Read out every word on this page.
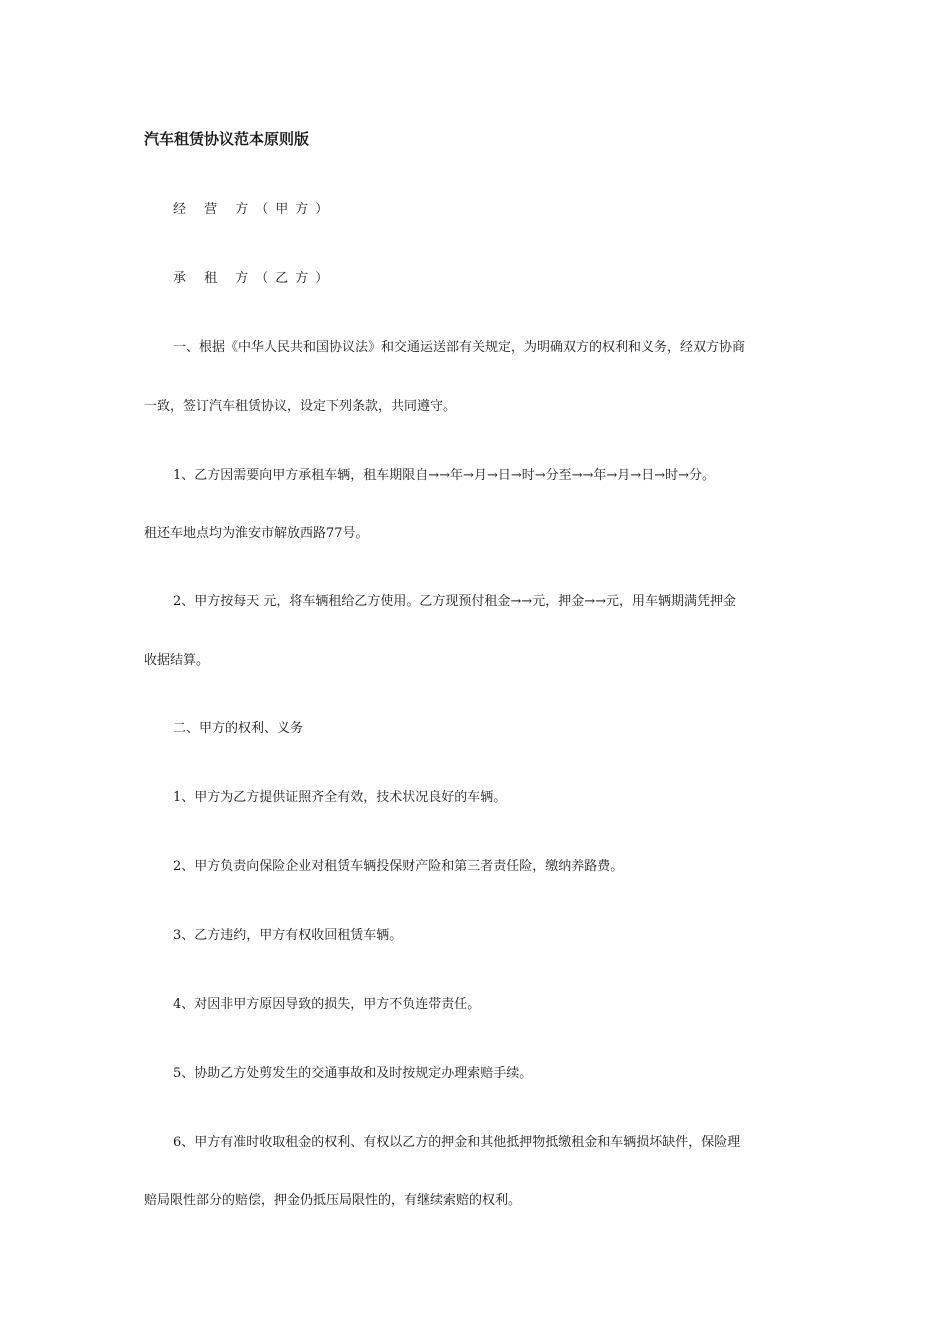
汽车租赁协议范本原则版
经 营 方（甲方）
承 租 方（乙方）
一、根据《中华人民共和国协议法》和交通运送部有关规定，为明确双方的权利和义务，经双方协商
一致，签订汽车租赁协议，设定下列条款，共同遵守。
1、乙方因需要向甲方承租车辆，租车期限自→→年→月→日→时→分至→→年→月→日→时→分。
租还车地点均为淮安市解放西路77号。
2、甲方按每天 元，将车辆租给乙方使用。乙方现预付租金→→元，押金→→元，用车辆期满凭押金
收据结算。
二、甲方的权利、义务
1、甲方为乙方提供证照齐全有效，技术状况良好的车辆。
2、甲方负责向保险企业对租赁车辆投保财产险和第三者责任险，缴纳养路费。
3、乙方违约，甲方有权收回租赁车辆。
4、对因非甲方原因导致的损失，甲方不负连带责任。
5、协助乙方处剪发生的交通事故和及时按规定办理索赔手续。
6、甲方有准时收取租金的权利、有权以乙方的押金和其他抵押物抵缴租金和车辆损坏缺件，保险理
赔局限性部分的赔偿，押金仍抵压局限性的，有继续索赔的权利。
